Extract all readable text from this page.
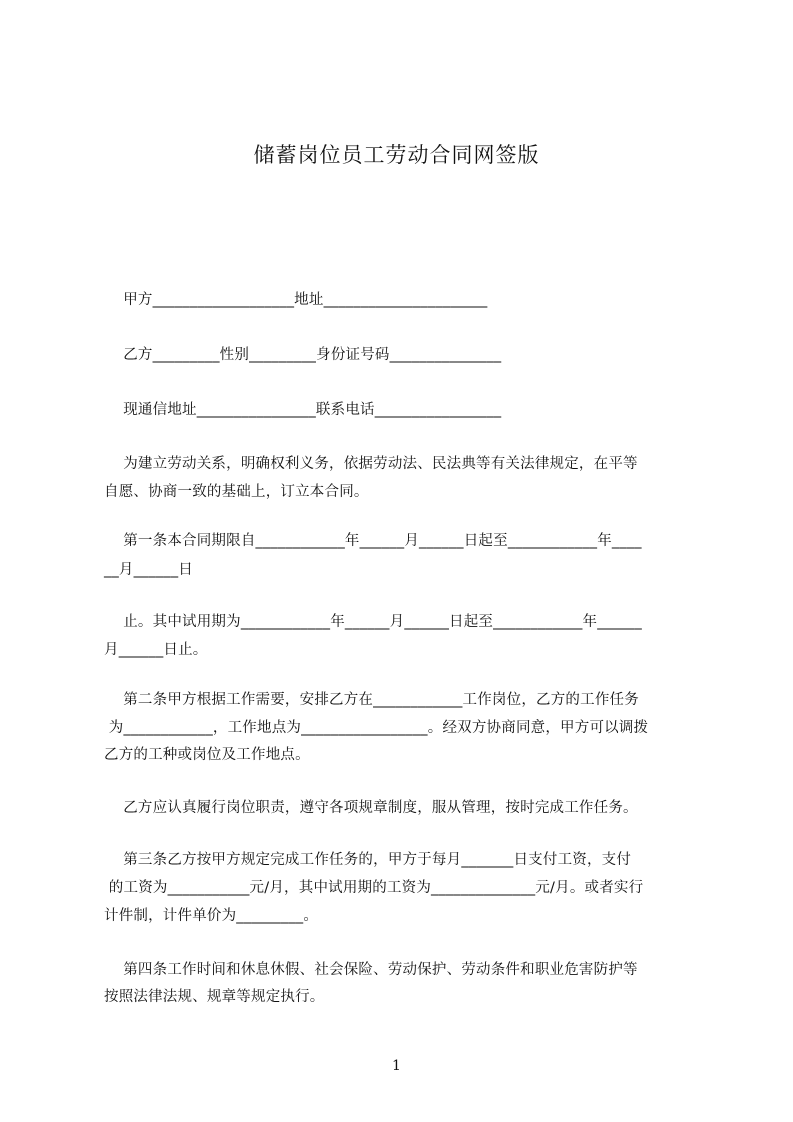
储蓄岗位员工劳动合同网签版
甲方___________________地址______________________
乙方_________性别_________身份证号码_______________
现通信地址________________联系电话_________________
为建立劳动关系，明确权利义务，依据劳动法、民法典等有关法律规定，在平等
自愿、协商一致的基础上，订立本合同。
第一条本合同期限自____________年______月______日起至____________年____
__月______日
止。其中试用期为____________年______月______日起至____________年______
月______日止。
第二条甲方根据工作需要，安排乙方在____________工作岗位，乙方的工作任务
为____________，工作地点为_________________。经双方协商同意，甲方可以调拨
乙方的工种或岗位及工作地点。
乙方应认真履行岗位职责，遵守各项规章制度，服从管理，按时完成工作任务。
第三条乙方按甲方规定完成工作任务的，甲方于每月_______日支付工资，支付
的工资为___________元/月，其中试用期的工资为______________元/月。或者实行
计件制，计件单价为_________。
第四条工作时间和休息休假、社会保险、劳动保护、劳动条件和职业危害防护等
按照法律法规、规章等规定执行。
1
